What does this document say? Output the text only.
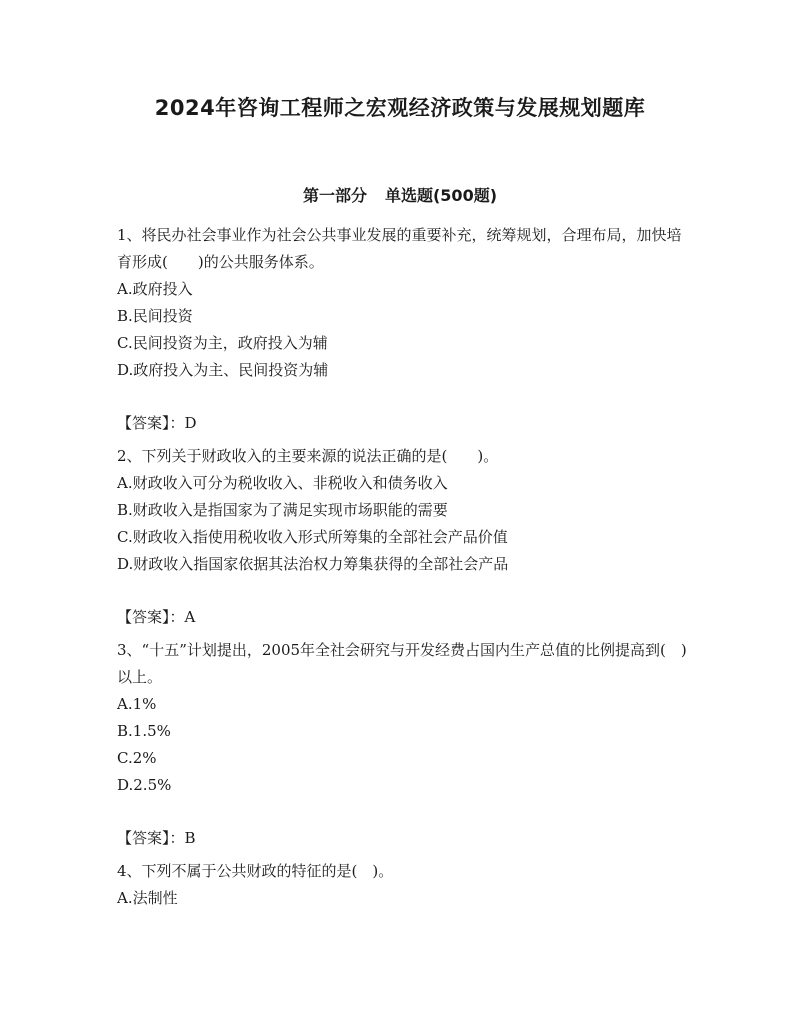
2024年咨询工程师之宏观经济政策与发展规划题库
第一部分 单选题(500题)

1、将民办社会事业作为社会公共事业发展的重要补充，统筹规划，合理布局，加快培育形成(　　)的公共服务体系。

A.政府投入

B.民间投资

C.民间投资为主，政府投入为辅

D.政府投入为主、民间投资为辅

【答案】：D

2、下列关于财政收入的主要来源的说法正确的是(　　)。

A.财政收入可分为税收收入、非税收入和债务收入

B.财政收入是指国家为了满足实现市场职能的需要

C.财政收入指使用税收收入形式所筹集的全部社会产品价值

D.财政收入指国家依据其法治权力筹集获得的全部社会产品

【答案】：A

3、“十五”计划提出，2005年全社会研究与开发经费占国内生产总值的比例提高到(　)　以上。

A.1%

B.1.5%

C.2%

D.2.5%

【答案】：B

4、下列不属于公共财政的特征的是(　)。

A.法制性
